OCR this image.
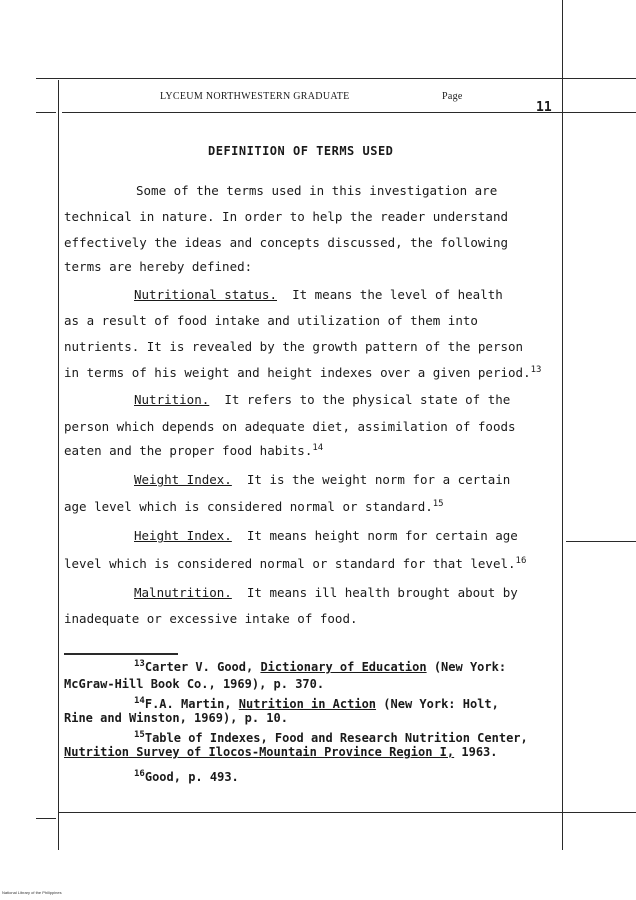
LYCEUM NORTHWESTERN GRADUATE	Page
11
DEFINITION OF TERMS USED
Some of the terms used in this investigation are
technical in nature. In order to help the reader understand
effectively the ideas and concepts discussed, the following
terms are hereby defined:
Nutritional status. It means the level of health
as a result of food intake and utilization of them into
nutrients. It is revealed by the growth pattern of the person
in terms of his weight and height indexes over a given period.$^{13}$
Nutrition. It refers to the physical state of the
person which depends on adequate diet, assimilation of foods
eaten and the proper food habits.$^{14}$
Weight Index. It is the weight norm for a certain
age level which is considered normal or standard.$^{15}$
Height Index. It means height norm for certain age
level which is considered normal or standard for that level.$^{16}$
Malnutrition. It means ill health brought about by
inadequate or excessive intake of food.
$^{13}$Carter V. Good, Dictionary of Education (New York:
McGraw-Hill Book Co., 1969), p. 370.
$^{14}$F.A. Martin, Nutrition in Action (New York: Holt,
Rine and Winston, 1969), p. 10.
$^{15}$Table of Indexes, Food and Research Nutrition Center,
Nutrition Survey of Ilocos-Mountain Province Region I, 1963.
$^{16}$Good, p. 493.
National Library of the Philippines
